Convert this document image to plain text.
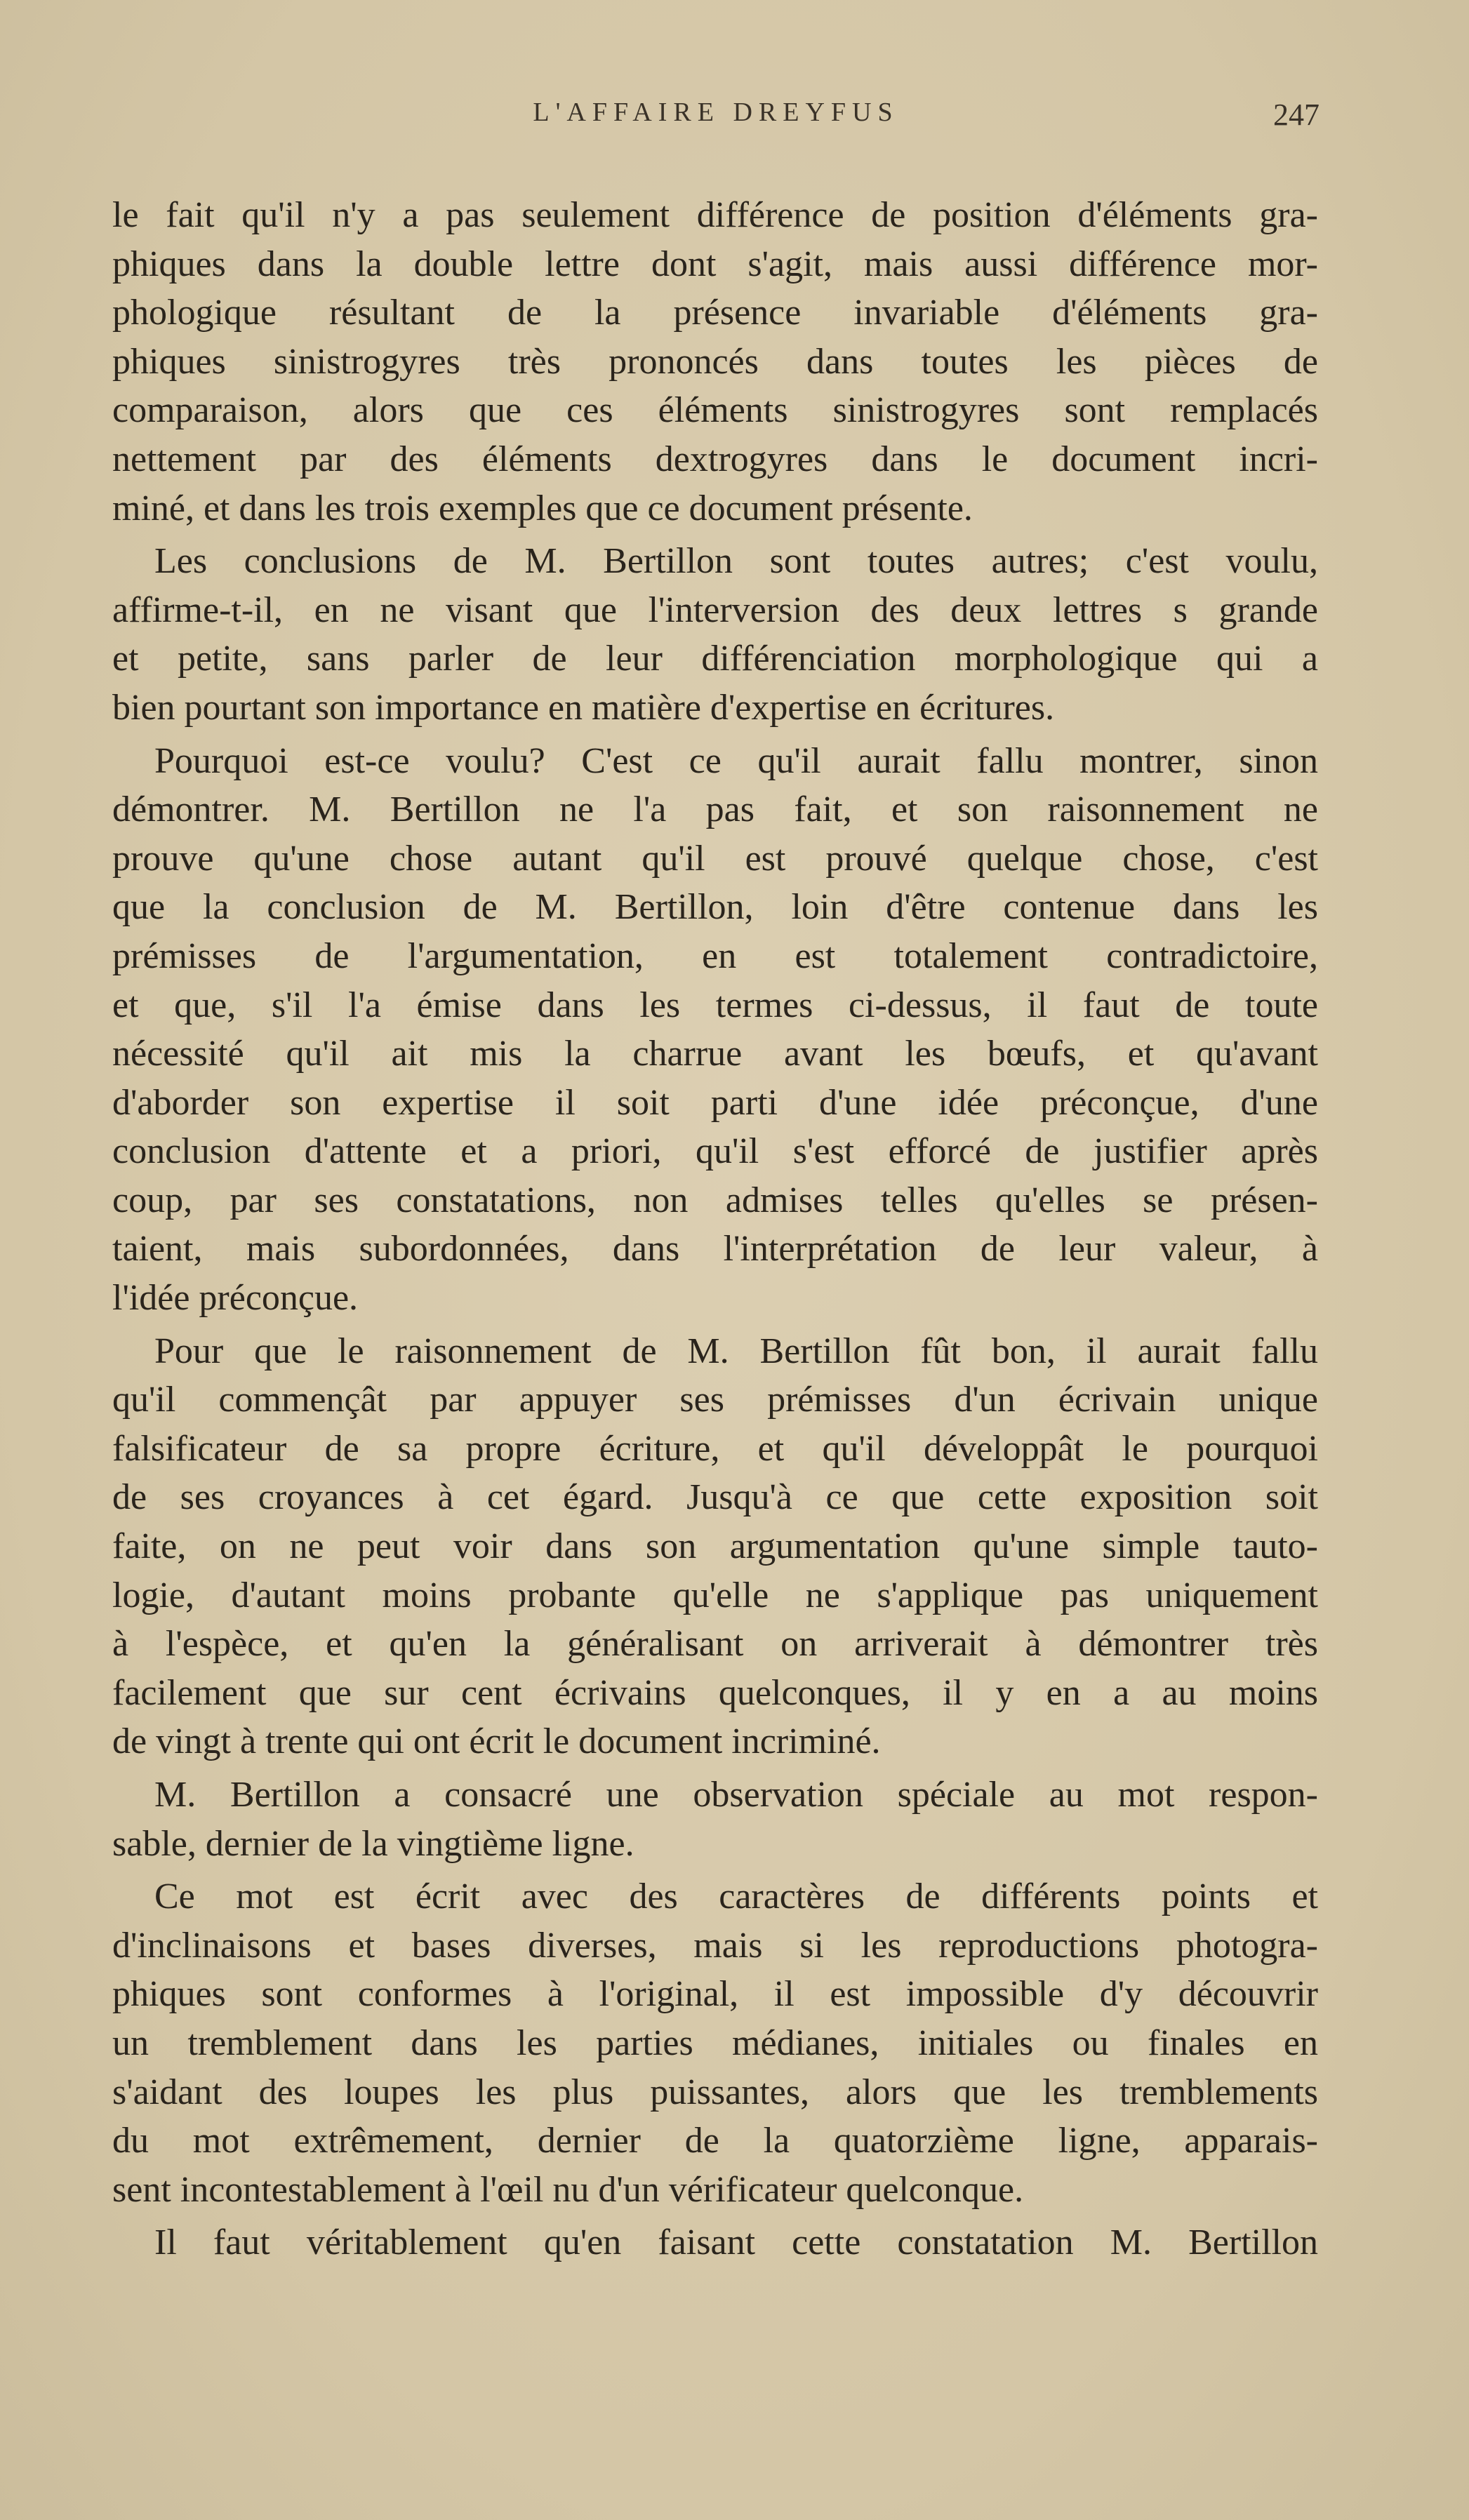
L'AFFAIRE DREYFUS	247

le fait qu'il n'y a pas seulement différence de position d'éléments gra-
phiques dans la double lettre dont s'agit, mais aussi différence mor-
phologique résultant de la présence invariable d'éléments gra-
phiques sinistrogyres très prononcés dans toutes les pièces de
comparaison, alors que ces éléments sinistrogyres sont remplacés
nettement par des éléments dextrogyres dans le document incri-
miné, et dans les trois exemples que ce document présente.

Les conclusions de M. Bertillon sont toutes autres; c'est voulu,
affirme-t-il, en ne visant que l'interversion des deux lettres s grande
et petite, sans parler de leur différenciation morphologique qui a
bien pourtant son importance en matière d'expertise en écritures.

Pourquoi est-ce voulu? C'est ce qu'il aurait fallu montrer, sinon
démontrer. M. Bertillon ne l'a pas fait, et son raisonnement ne
prouve qu'une chose autant qu'il est prouvé quelque chose, c'est
que la conclusion de M. Bertillon, loin d'être contenue dans les
prémisses de l'argumentation, en est totalement contradictoire,
et que, s'il l'a émise dans les termes ci-dessus, il faut de toute
nécessité qu'il ait mis la charrue avant les bœufs, et qu'avant
d'aborder son expertise il soit parti d'une idée préconçue, d'une
conclusion d'attente et a priori, qu'il s'est efforcé de justifier après
coup, par ses constatations, non admises telles qu'elles se présen-
taient, mais subordonnées, dans l'interprétation de leur valeur, à
l'idée préconçue.

Pour que le raisonnement de M. Bertillon fût bon, il aurait fallu
qu'il commençât par appuyer ses prémisses d'un écrivain unique
falsificateur de sa propre écriture, et qu'il développât le pourquoi
de ses croyances à cet égard. Jusqu'à ce que cette exposition soit
faite, on ne peut voir dans son argumentation qu'une simple tauto-
logie, d'autant moins probante qu'elle ne s'applique pas uniquement
à l'espèce, et qu'en la généralisant on arriverait à démontrer très
facilement que sur cent écrivains quelconques, il y en a au moins
de vingt à trente qui ont écrit le document incriminé.

M. Bertillon a consacré une observation spéciale au mot respon-
sable, dernier de la vingtième ligne.

Ce mot est écrit avec des caractères de différents points et
d'inclinaisons et bases diverses, mais si les reproductions photogra-
phiques sont conformes à l'original, il est impossible d'y découvrir
un tremblement dans les parties médianes, initiales ou finales en
s'aidant des loupes les plus puissantes, alors que les tremblements
du mot extrêmement, dernier de la quatorzième ligne, apparais-
sent incontestablement à l'œil nu d'un vérificateur quelconque.

Il faut véritablement qu'en faisant cette constatation M. Bertillon
